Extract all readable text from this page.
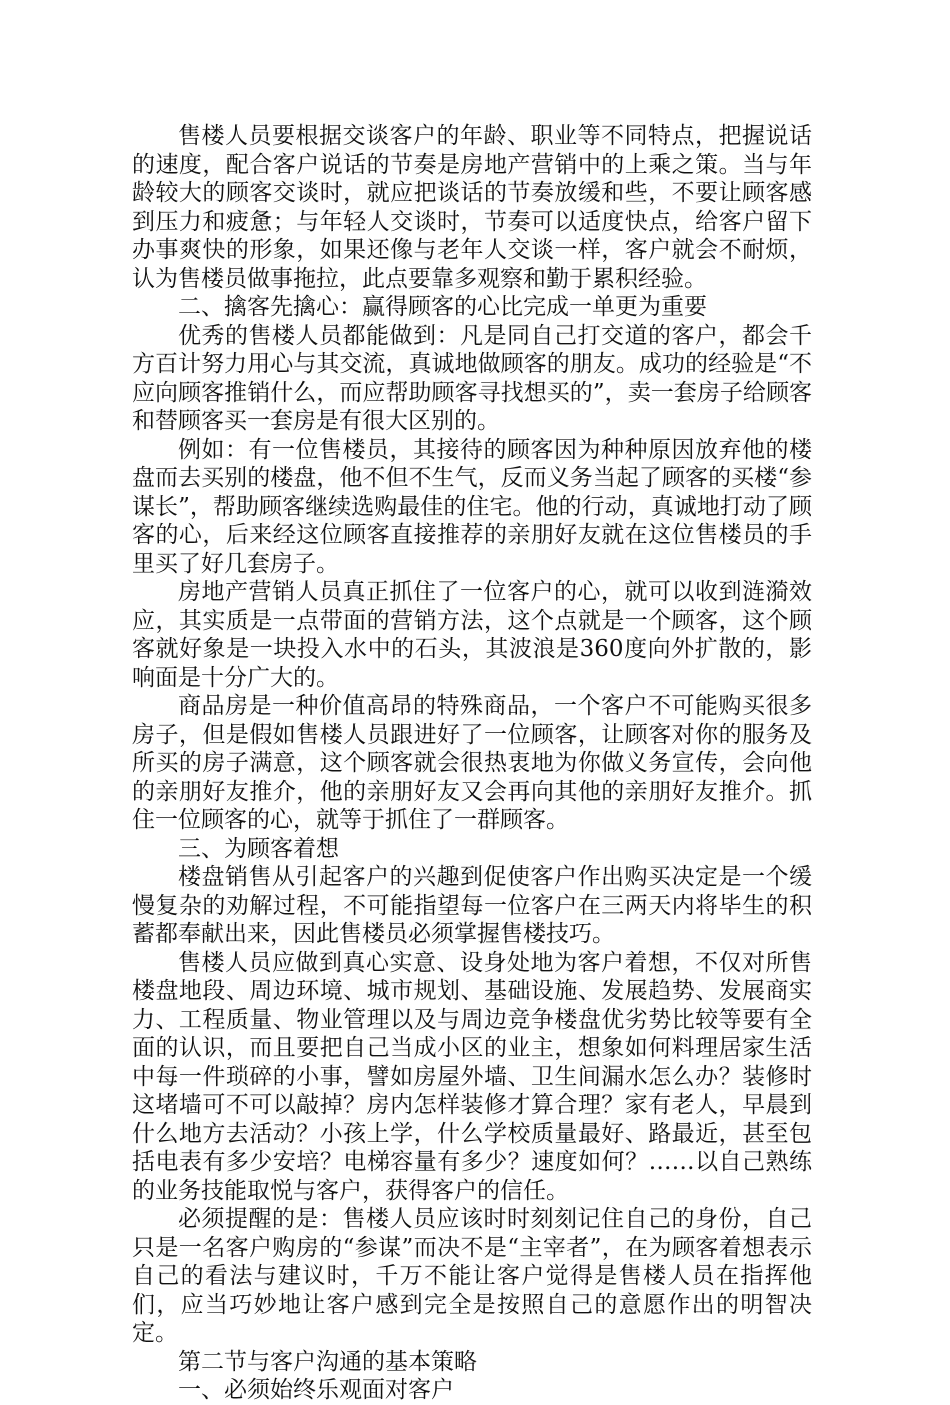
售楼人员要根据交谈客户的年龄、职业等不同特点，把握说话的速度，配合客户说话的节奏是房地产营销中的上乘之策。当与年龄较大的顾客交谈时，就应把谈话的节奏放缓和些，不要让顾客感到压力和疲惫；与年轻人交谈时，节奏可以适度快点，给客户留下办事爽快的形象，如果还像与老年人交谈一样，客户就会不耐烦，认为售楼员做事拖拉，此点要靠多观察和勤于累积经验。

二、擒客先擒心：赢得顾客的心比完成一单更为重要

优秀的售楼人员都能做到：凡是同自己打交道的客户，都会千方百计努力用心与其交流，真诚地做顾客的朋友。成功的经验是“不应向顾客推销什么，而应帮助顾客寻找想买的”，卖一套房子给顾客和替顾客买一套房是有很大区别的。

例如：有一位售楼员，其接待的顾客因为种种原因放弃他的楼盘而去买别的楼盘，他不但不生气，反而义务当起了顾客的买楼“参谋长”，帮助顾客继续选购最佳的住宅。他的行动，真诚地打动了顾客的心，后来经这位顾客直接推荐的亲朋好友就在这位售楼员的手里买了好几套房子。

房地产营销人员真正抓住了一位客户的心，就可以收到涟漪效应，其实质是一点带面的营销方法，这个点就是一个顾客，这个顾客就好象是一块投入水中的石头，其波浪是360度向外扩散的，影响面是十分广大的。

商品房是一种价值高昂的特殊商品，一个客户不可能购买很多房子，但是假如售楼人员跟进好了一位顾客，让顾客对你的服务及所买的房子满意，这个顾客就会很热衷地为你做义务宣传，会向他的亲朋好友推介，他的亲朋好友又会再向其他的亲朋好友推介。抓住一位顾客的心，就等于抓住了一群顾客。

三、为顾客着想

楼盘销售从引起客户的兴趣到促使客户作出购买决定是一个缓慢复杂的劝解过程，不可能指望每一位客户在三两天内将毕生的积蓄都奉献出来，因此售楼员必须掌握售楼技巧。

售楼人员应做到真心实意、设身处地为客户着想，不仅对所售楼盘地段、周边环境、城市规划、基础设施、发展趋势、发展商实力、工程质量、物业管理以及与周边竞争楼盘优劣势比较等要有全面的认识，而且要把自己当成小区的业主，想象如何料理居家生活中每一件琐碎的小事，譬如房屋外墙、卫生间漏水怎么办？装修时这堵墙可不可以敲掉？房内怎样装修才算合理？家有老人，早晨到什么地方去活动？小孩上学，什么学校质量最好、路最近，甚至包括电表有多少安培？电梯容量有多少？速度如何？……以自己熟练的业务技能取悦与客户，获得客户的信任。

必须提醒的是：售楼人员应该时时刻刻记住自己的身份，自己只是一名客户购房的“参谋”而决不是“主宰者”，在为顾客着想表示自己的看法与建议时，千万不能让客户觉得是售楼人员在指挥他们，应当巧妙地让客户感到完全是按照自己的意愿作出的明智决定。

第二节与客户沟通的基本策略

一、必须始终乐观面对客户
